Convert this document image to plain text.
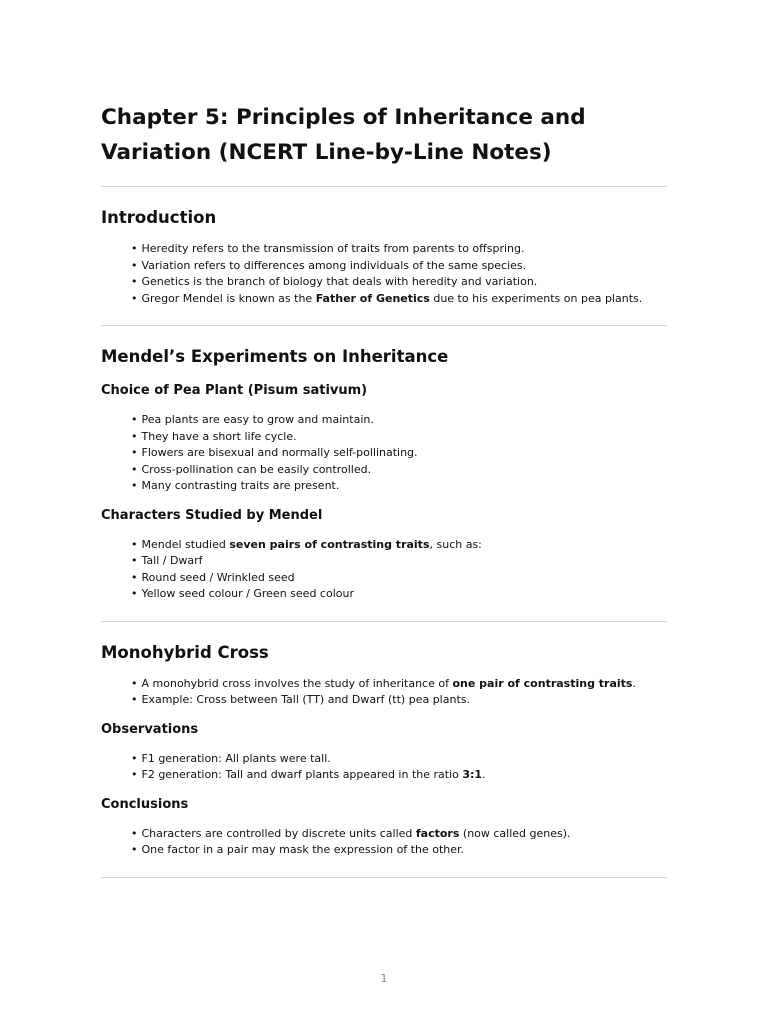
Chapter 5: Principles of Inheritance and Variation (NCERT Line-by-Line Notes)
Introduction
• Heredity refers to the transmission of traits from parents to offspring.
• Variation refers to differences among individuals of the same species.
• Genetics is the branch of biology that deals with heredity and variation.
• Gregor Mendel is known as the Father of Genetics due to his experiments on pea plants.
Mendel’s Experiments on Inheritance
Choice of Pea Plant (Pisum sativum)
• Pea plants are easy to grow and maintain.
• They have a short life cycle.
• Flowers are bisexual and normally self-pollinating.
• Cross-pollination can be easily controlled.
• Many contrasting traits are present.
Characters Studied by Mendel
• Mendel studied seven pairs of contrasting traits, such as:
• Tall / Dwarf
• Round seed / Wrinkled seed
• Yellow seed colour / Green seed colour
Monohybrid Cross
• A monohybrid cross involves the study of inheritance of one pair of contrasting traits.
• Example: Cross between Tall (TT) and Dwarf (tt) pea plants.
Observations
• F1 generation: All plants were tall.
• F2 generation: Tall and dwarf plants appeared in the ratio 3:1.
Conclusions
• Characters are controlled by discrete units called factors (now called genes).
• One factor in a pair may mask the expression of the other.
1
